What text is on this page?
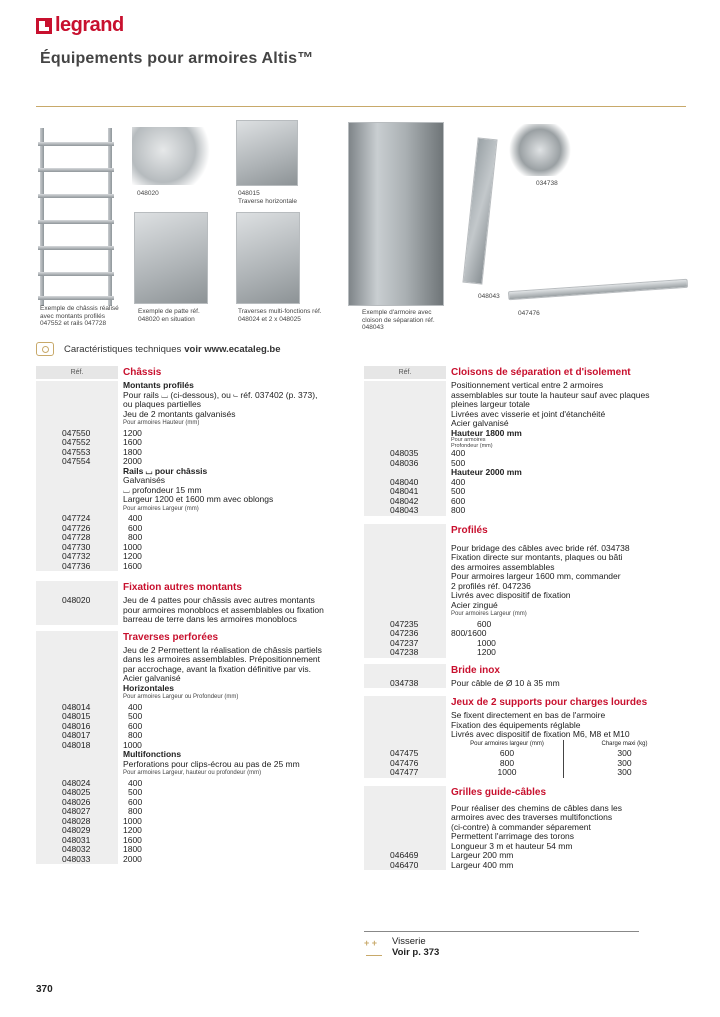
legrand
Équipements pour armoires Altis™
Exemple de châssis réalisé avec montants profilés 047552 et rails 047728
048020
Exemple de patte réf. 048020 en situation
048015
Traverse horizontale
Traverses multi-fonctions réf. 048024 et 2 x 048025
Exemple d'armoire avec cloison de séparation réf. 048043
034738
048043
047476
Caractéristiques techniques voir www.ecataleg.be
Réf.	Châssis
Montants profilés
Pour rails ⌴ (ci-dessous), ou ⌙ réf. 037402 (p. 373),
ou plaques partielles
Jeu de 2 montants galvanisés
Pour armoires Hauteur (mm)
047550	1200
047552	1600
047553	1800
047554	2000
Rails ⌴ pour châssis
Galvanisés
⌴ profondeur 15 mm
Largeur 1200 et 1600 mm avec oblongs
Pour armoires Largeur (mm)
047724	400
047726	600
047728	800
047730	1000
047732	1200
047736	1600
Fixation autres montants
048020	Jeu de 4 pattes pour châssis avec autres montants
pour armoires monoblocs et assemblables ou fixation
barreau de terre dans les armoires monoblocs
Traverses perforées
Jeu de 2 Permettent la réalisation de châssis partiels
dans les armoires assemblables. Prépositionnement
par accrochage, avant la fixation définitive par vis.
Acier galvanisé
Horizontales
Pour armoires Largeur ou Profondeur (mm)
048014	400
048015	500
048016	600
048017	800
048018	1000
Multifonctions
Perforations pour clips-écrou au pas de 25 mm
Pour armoires Largeur, hauteur ou profondeur (mm)
048024	400
048025	500
048026	600
048027	800
048028	1000
048029	1200
048031	1600
048032	1800
048033	2000
Réf.	Cloisons de séparation et d'isolement
Positionnement vertical entre 2 armoires
assemblables sur toute la hauteur sauf avec plaques
pleines largeur totale
Livrées avec visserie et joint d'étanchéité
Acier galvanisé
Hauteur 1800 mm
Pour armoires
Profondeur (mm)
048035	400
048036	500
Hauteur 2000 mm
048040	400
048041	500
048042	600
048043	800
Profilés
Pour bridage des câbles avec bride réf. 034738
Fixation directe sur montants, plaques ou bâti
des armoires assemblables
Pour armoires largeur 1600 mm, commander
2 profilés réf. 047236
Livrés avec dispositif de fixation
Acier zingué
Pour armoires Largeur (mm)
047235	600
047236	800/1600
047237	1000
047238	1200
Bride inox
034738	Pour câble de Ø 10 à 35 mm
Jeux de 2 supports pour charges lourdes
Se fixent directement en bas de l'armoire
Fixation des équipements réglable
Livrés avec dispositif de fixation M6, M8 et M10
Pour armoires largeur (mm)	Charge maxi (kg)
047475	600	300
047476	800	300
047477	1000	300
Grilles guide-câbles
Pour réaliser des chemins de câbles dans les
armoires avec des traverses multifonctions
(ci-contre) à commander séparement
Permettent l'arrimage des torons
Longueur 3 m et hauteur 54 mm
046469	Largeur 200 mm
046470	Largeur 400 mm
+ +
Visserie
Voir p. 373
370
